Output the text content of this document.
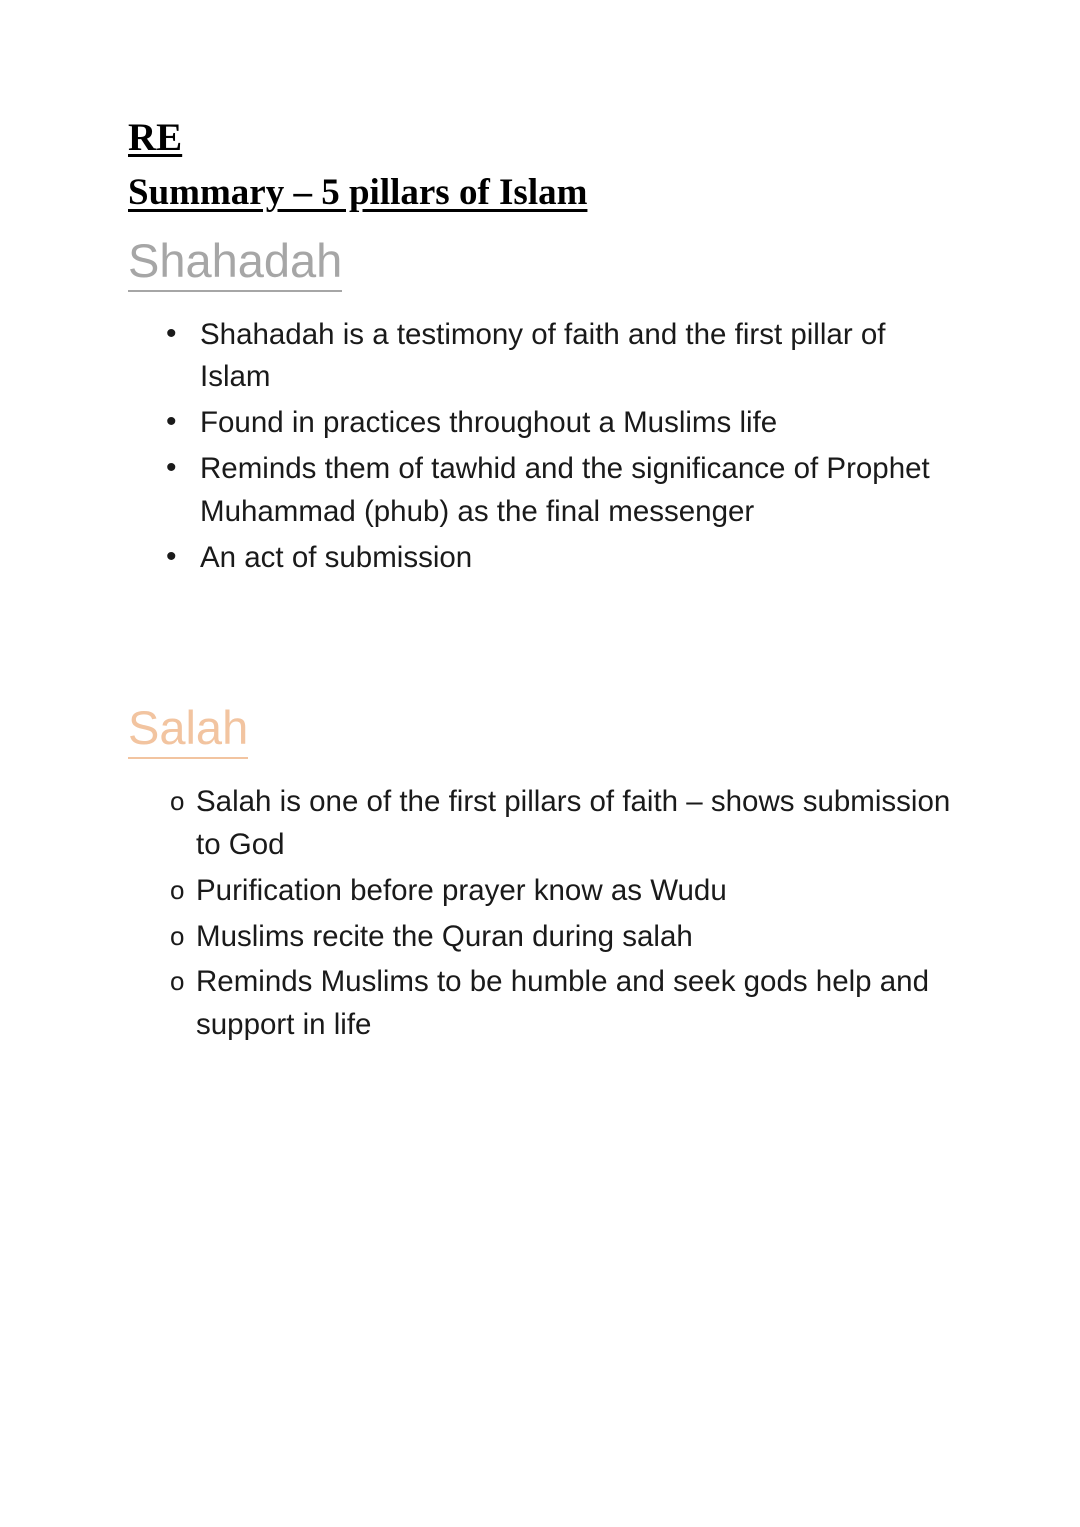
RE
Summary – 5 pillars of Islam
Shahadah
• Shahadah is a testimony of faith and the first pillar of Islam
• Found in practices throughout a Muslims life
• Reminds them of tawhid and the significance of Prophet Muhammad (phub) as the final messenger
• An act of submission
Salah
o Salah is one of the first pillars of faith – shows submission to God
o Purification before prayer know as Wudu
o Muslims recite the Quran during salah
o Reminds Muslims to be humble and seek gods help and support in life
